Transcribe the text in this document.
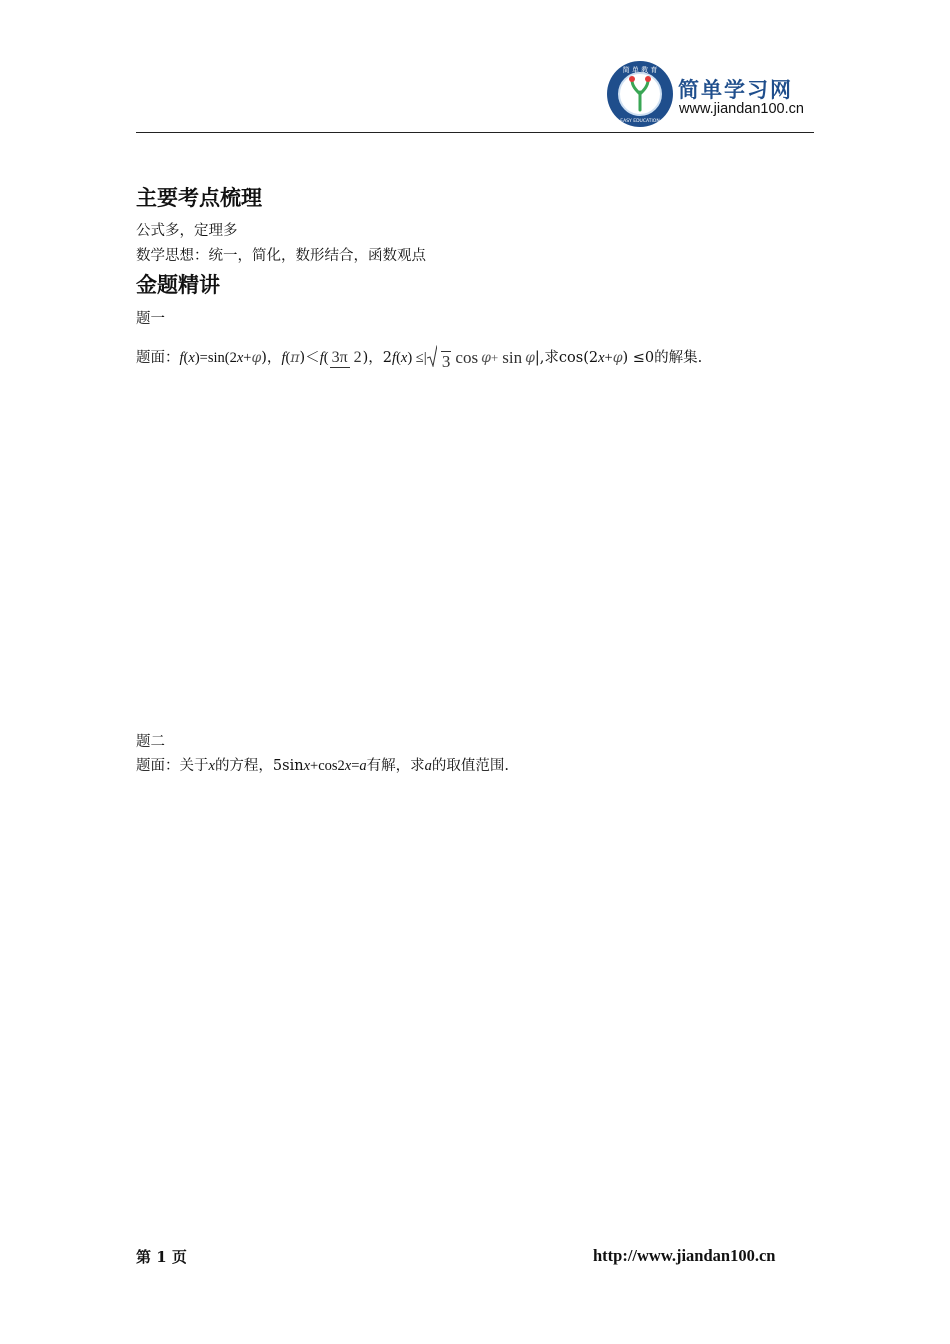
简 单 教 育
EASY EDUCATION
简单学习网
www.jiandan100.cn
主要考点梳理
公式多，定理多
数学思想：统一，简化，数形结合，函数观点
金题精讲
题一
题面： f ( x )=sin(2 x + φ )， f ( π )＜ f ( 3π 2 )，2 f ( x ) ≤| 3 cos φ + sin φ |,求cos(2 x + φ ) ≤0的解集.
题二
题面：关于x的方程，5sinx+cos2x=a有解，求a的取值范围.
第 1 页	http://www.jiandan100.cn
